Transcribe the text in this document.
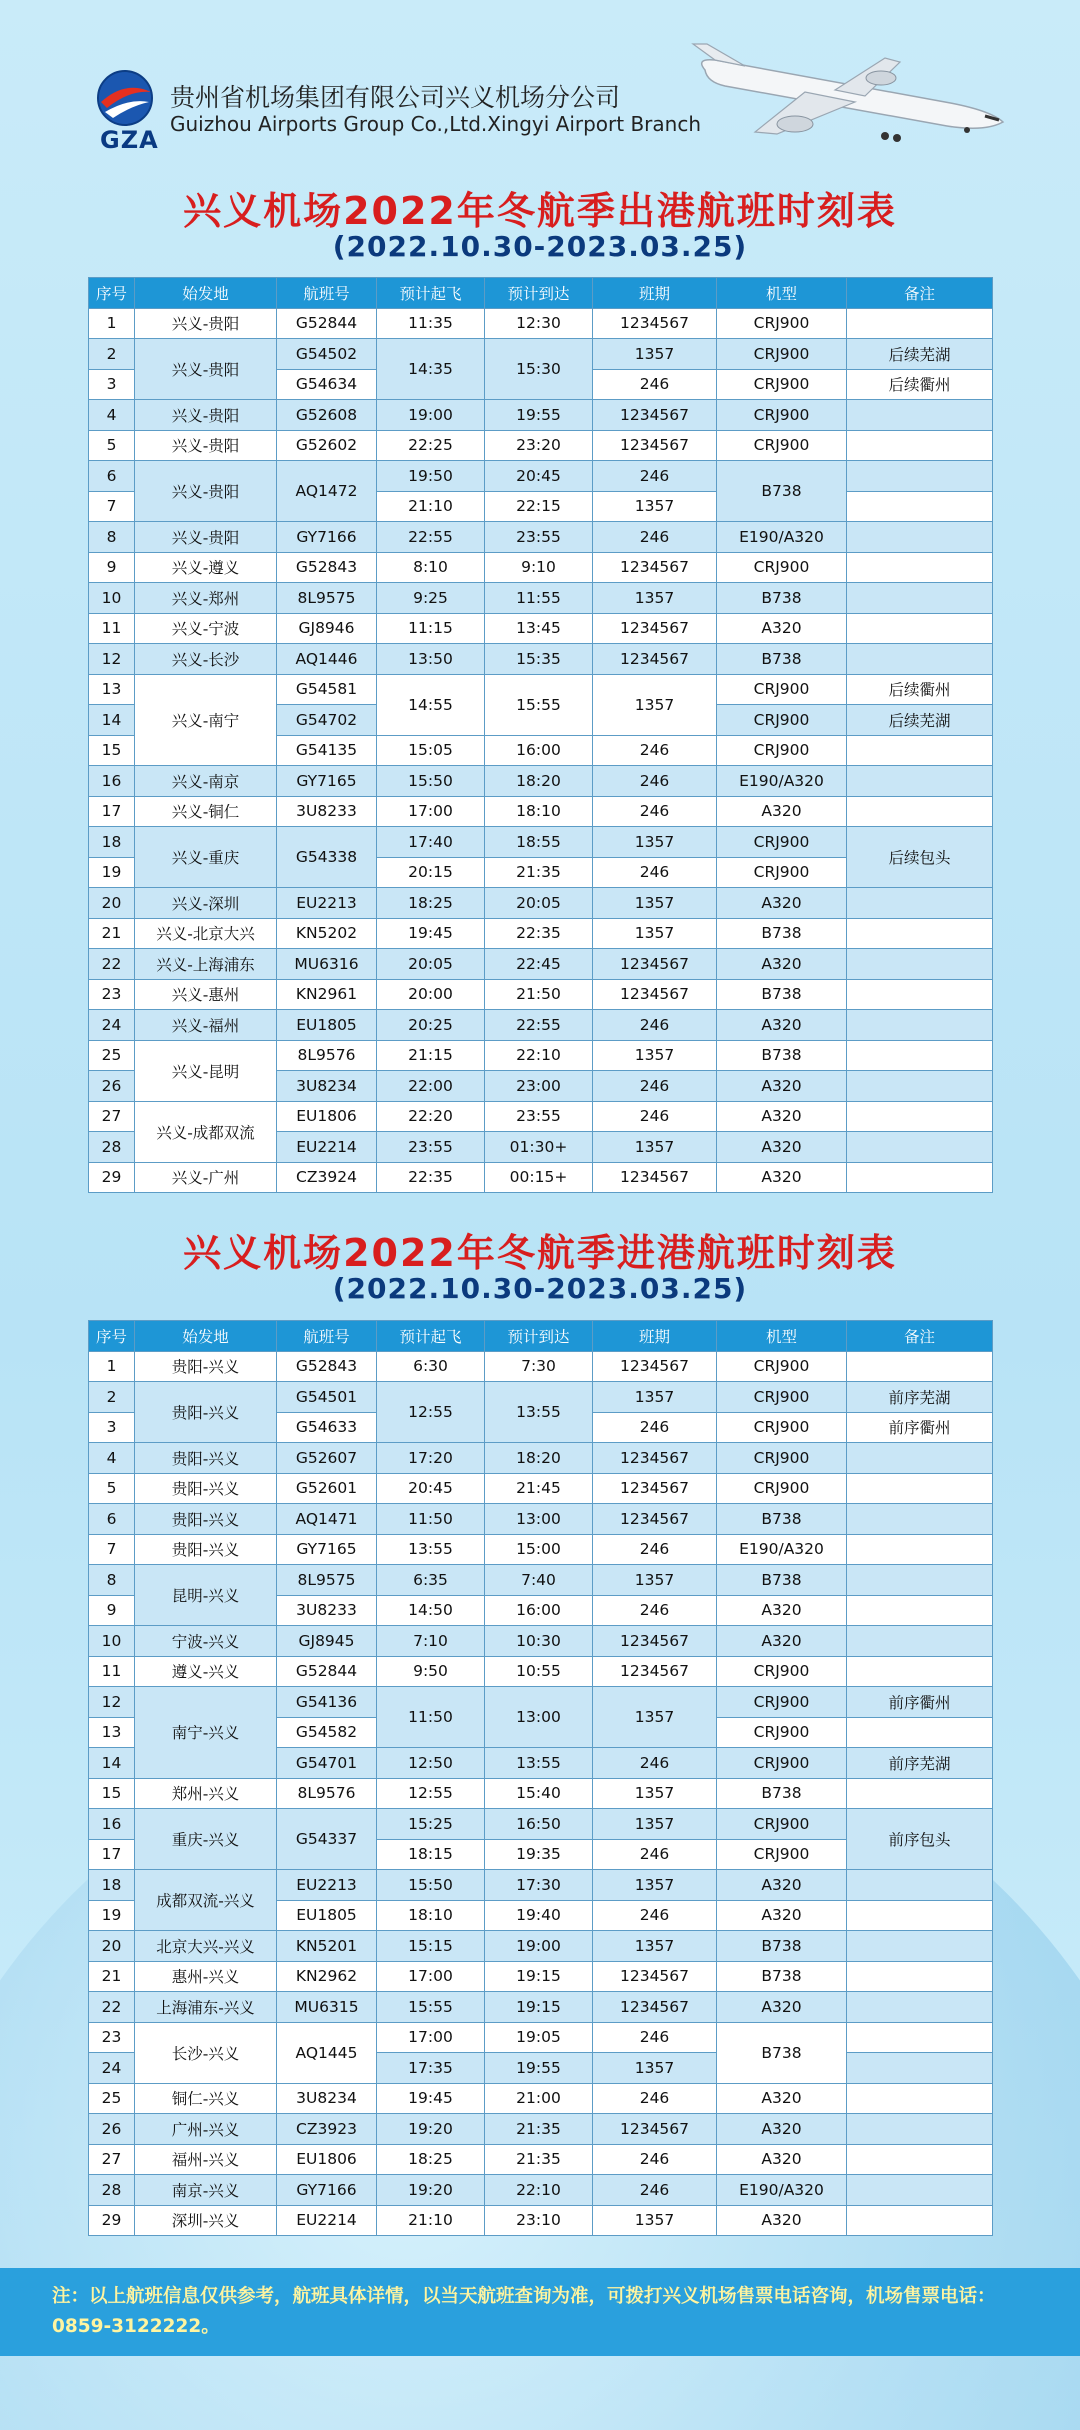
GZA
贵州省机场集团有限公司兴义机场分公司
Guizhou Airports Group Co.,Ltd.Xingyi Airport Branch
兴义机场2022年冬航季出港航班时刻表
(2022.10.30-2023.03.25)
序号	始发地	航班号	预计起飞	预计到达	班期	机型	备注
1	兴义-贵阳	G52844	11:35	12:30	1234567	CRJ900	
2	兴义-贵阳	G54502	14:35	15:30	1357	CRJ900	后续芜湖
3		G54634			246	CRJ900	后续衢州
4	兴义-贵阳	G52608	19:00	19:55	1234567	CRJ900	
5	兴义-贵阳	G52602	22:25	23:20	1234567	CRJ900	
6	兴义-贵阳	AQ1472	19:50	20:45	246	B738	
7			21:10	22:15	1357		
8	兴义-贵阳	GY7166	22:55	23:55	246	E190/A320	
9	兴义-遵义	G52843	8:10	9:10	1234567	CRJ900	
10	兴义-郑州	8L9575	9:25	11:55	1357	B738	
11	兴义-宁波	GJ8946	11:15	13:45	1234567	A320	
12	兴义-长沙	AQ1446	13:50	15:35	1234567	B738	
13	兴义-南宁	G54581	14:55	15:55	1357	CRJ900	后续衢州
14		G54702				CRJ900	后续芜湖
15		G54135	15:05	16:00	246	CRJ900	
16	兴义-南京	GY7165	15:50	18:20	246	E190/A320	
17	兴义-铜仁	3U8233	17:00	18:10	246	A320	
18	兴义-重庆	G54338	17:40	18:55	1357	CRJ900	后续包头
19			20:15	21:35	246	CRJ900	
20	兴义-深圳	EU2213	18:25	20:05	1357	A320	
21	兴义-北京大兴	KN5202	19:45	22:35	1357	B738	
22	兴义-上海浦东	MU6316	20:05	22:45	1234567	A320	
23	兴义-惠州	KN2961	20:00	21:50	1234567	B738	
24	兴义-福州	EU1805	20:25	22:55	246	A320	
25	兴义-昆明	8L9576	21:15	22:10	1357	B738	
26		3U8234	22:00	23:00	246	A320	
27	兴义-成都双流	EU1806	22:20	23:55	246	A320	
28		EU2214	23:55	01:30+	1357	A320	
29	兴义-广州	CZ3924	22:35	00:15+	1234567	A320	
兴义机场2022年冬航季进港航班时刻表
(2022.10.30-2023.03.25)
序号	始发地	航班号	预计起飞	预计到达	班期	机型	备注
1	贵阳-兴义	G52843	6:30	7:30	1234567	CRJ900	
2	贵阳-兴义	G54501	12:55	13:55	1357	CRJ900	前序芜湖
3		G54633			246	CRJ900	前序衢州
4	贵阳-兴义	G52607	17:20	18:20	1234567	CRJ900	
5	贵阳-兴义	G52601	20:45	21:45	1234567	CRJ900	
6	贵阳-兴义	AQ1471	11:50	13:00	1234567	B738	
7	贵阳-兴义	GY7165	13:55	15:00	246	E190/A320	
8	昆明-兴义	8L9575	6:35	7:40	1357	B738	
9		3U8233	14:50	16:00	246	A320	
10	宁波-兴义	GJ8945	7:10	10:30	1234567	A320	
11	遵义-兴义	G52844	9:50	10:55	1234567	CRJ900	
12	南宁-兴义	G54136	11:50	13:00	1357	CRJ900	前序衢州
13		G54582				CRJ900	
14		G54701	12:50	13:55	246	CRJ900	前序芜湖
15	郑州-兴义	8L9576	12:55	15:40	1357	B738	
16	重庆-兴义	G54337	15:25	16:50	1357	CRJ900	前序包头
17			18:15	19:35	246	CRJ900	
18	成都双流-兴义	EU2213	15:50	17:30	1357	A320	
19		EU1805	18:10	19:40	246	A320	
20	北京大兴-兴义	KN5201	15:15	19:00	1357	B738	
21	惠州-兴义	KN2962	17:00	19:15	1234567	B738	
22	上海浦东-兴义	MU6315	15:55	19:15	1234567	A320	
23	长沙-兴义	AQ1445	17:00	19:05	246	B738	
24			17:35	19:55	1357		
25	铜仁-兴义	3U8234	19:45	21:00	246	A320	
26	广州-兴义	CZ3923	19:20	21:35	1234567	A320	
27	福州-兴义	EU1806	18:25	21:35	246	A320	
28	南京-兴义	GY7166	19:20	22:10	246	E190/A320	
29	深圳-兴义	EU2214	21:10	23:10	1357	A320	
注：以上航班信息仅供参考，航班具体详情，以当天航班查询为准，可拨打兴义机场售票电话咨询，机场售票电话：0859-3122222。
